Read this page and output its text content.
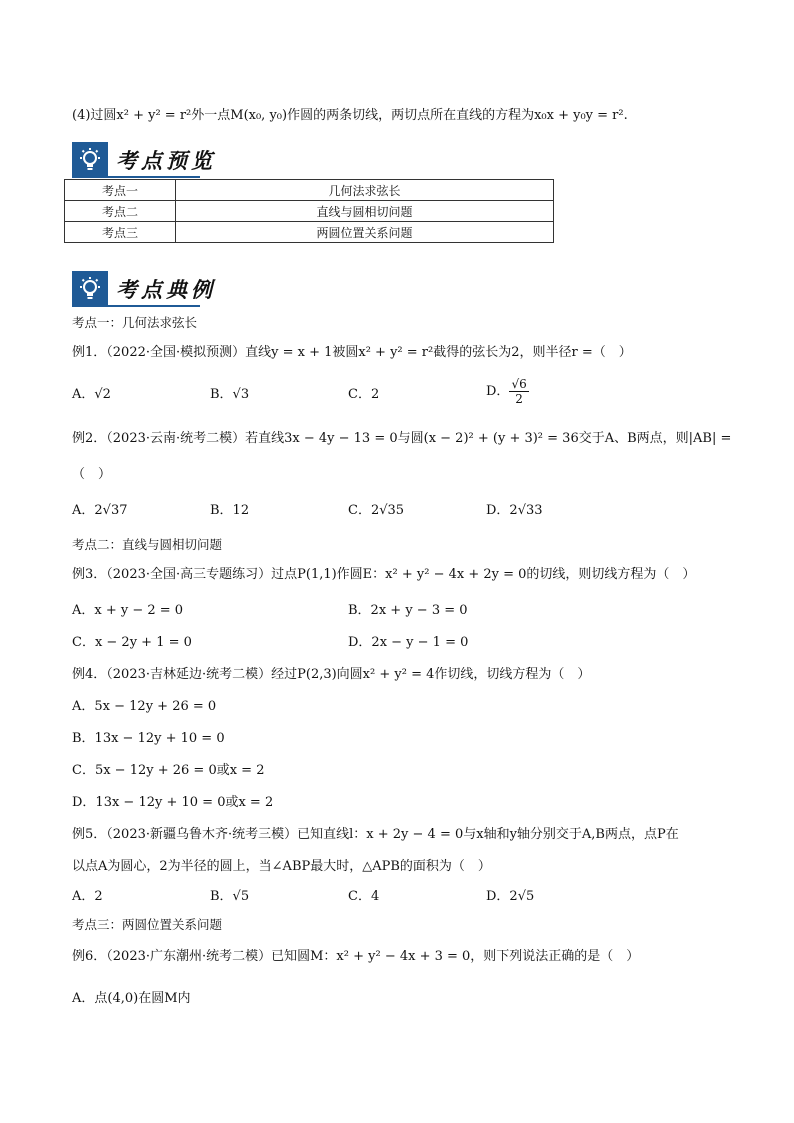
(4)过圆x² + y² = r²外一点M(x₀, y₀)作圆的两条切线，两切点所在直线的方程为x₀x + y₀y = r².
考点预览
考点一	几何法求弦长
考点二	直线与圆相切问题
考点三	两圆位置关系问题
考点典例
考点一：几何法求弦长
例1．（2022·全国·模拟预测）直线y = x + 1被圆x² + y² = r²截得的弦长为2，则半径r =（　）
A．√2	B．√3	C．2	D． $\frac{√6}{2}$
例2．（2023·云南·统考二模）若直线3x − 4y − 13 = 0与圆(x − 2)² + (y + 3)² = 36交于A、B两点，则|AB| =
（　）
A．2√37	B．12	C．2√35	D．2√33
考点二：直线与圆相切问题
例3．（2023·全国·高三专题练习）过点P(1,1)作圆E：x² + y² − 4x + 2y = 0的切线，则切线方程为（　）
A．x + y − 2 = 0	B．2x + y − 3 = 0
C．x − 2y + 1 = 0	D．2x − y − 1 = 0
例4．（2023·吉林延边·统考二模）经过P(2,3)向圆x² + y² = 4作切线，切线方程为（　）
A．5x − 12y + 26 = 0
B．13x − 12y + 10 = 0
C．5x − 12y + 26 = 0或x = 2
D．13x − 12y + 10 = 0或x = 2
例5．（2023·新疆乌鲁木齐·统考三模）已知直线l：x + 2y − 4 = 0与x轴和y轴分别交于A,B两点，点P在
以点A为圆心，2为半径的圆上，当∠ABP最大时，△APB的面积为（　）
A．2	B．√5	C．4	D．2√5
考点三：两圆位置关系问题
例6．（2023·广东潮州·统考二模）已知圆M：x² + y² − 4x + 3 = 0，则下列说法正确的是（　）
A．点(4,0)在圆M内
